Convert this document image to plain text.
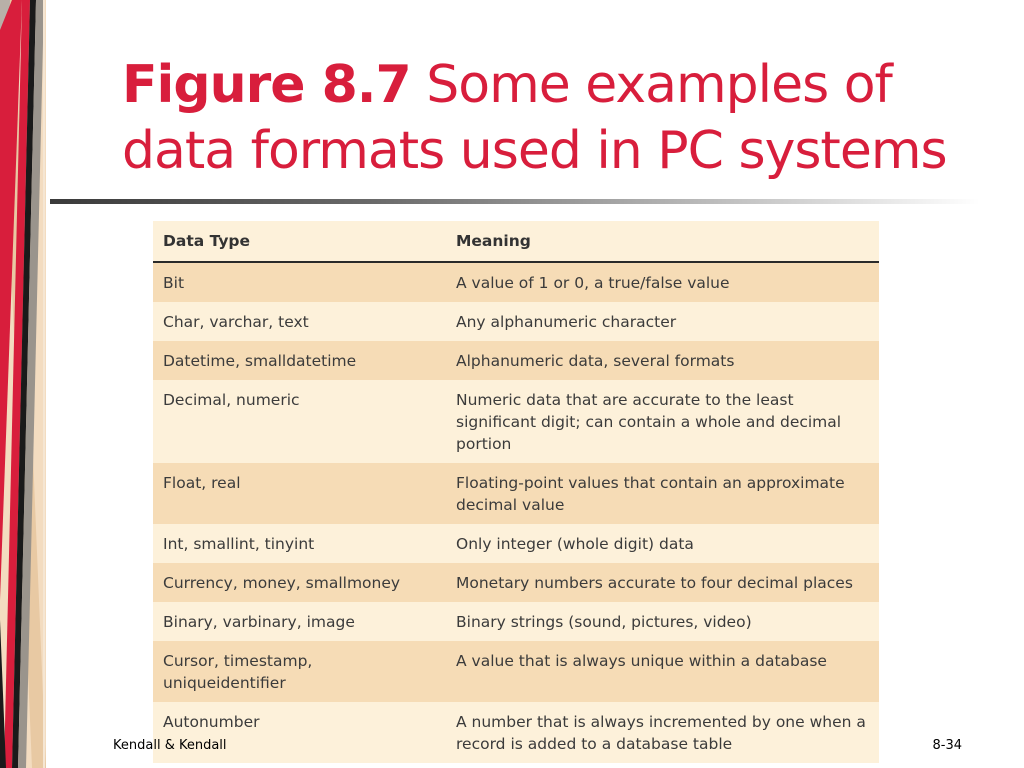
Figure 8.7 Some examples of data formats used in PC systems
Data Type	Meaning
Bit	A value of 1 or 0, a true/false value
Char, varchar, text	Any alphanumeric character
Datetime, smalldatetime	Alphanumeric data, several formats
Decimal, numeric	Numeric data that are accurate to the least significant digit; can contain a whole and decimal portion
Float, real	Floating-point values that contain an approximate decimal value
Int, smallint, tinyint	Only integer (whole digit) data
Currency, money, smallmoney	Monetary numbers accurate to four decimal places
Binary, varbinary, image	Binary strings (sound, pictures, video)
Cursor, timestamp, uniqueidentifier	A value that is always unique within a database
Autonumber	A number that is always incremented by one when a record is added to a database table
Kendall & Kendall	8-34
